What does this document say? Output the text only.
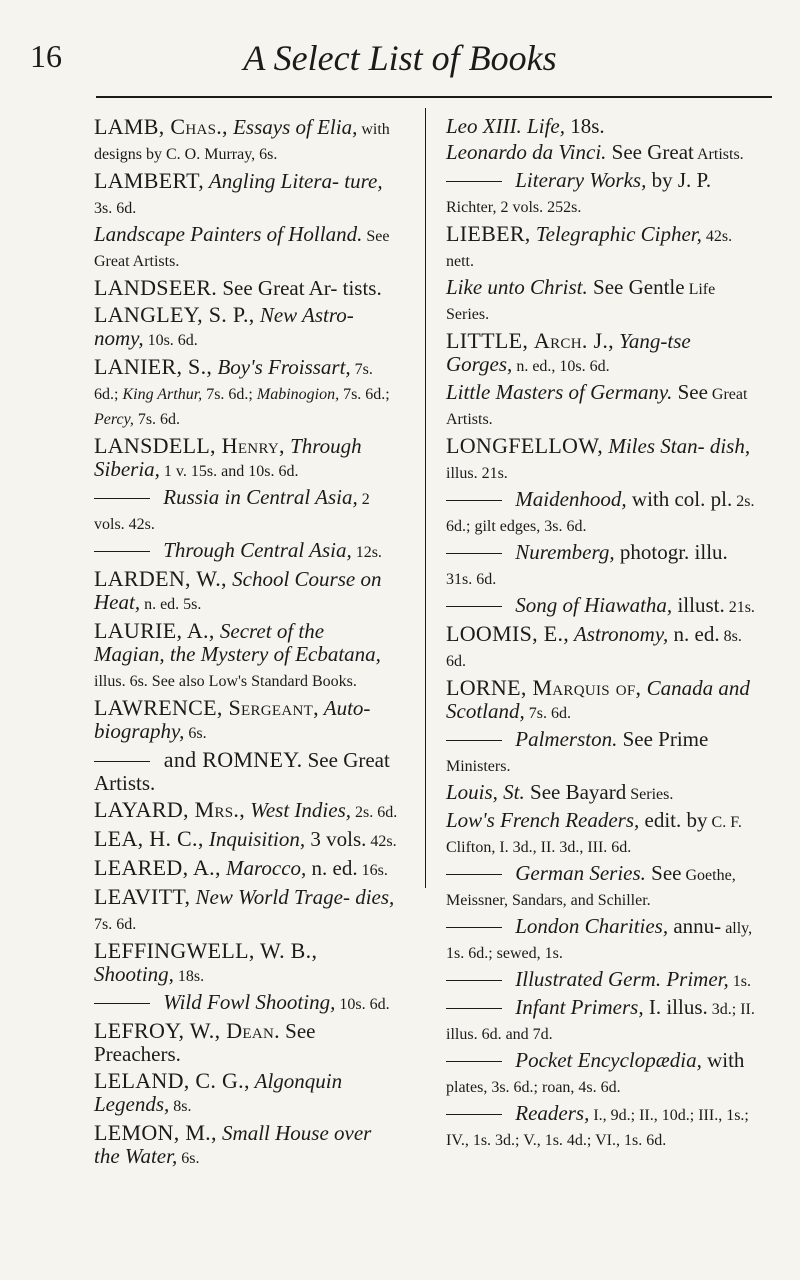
16	A Select List of Books
LAMB, Chas., Essays of Elia, with designs by C. O. Murray, 6s.
LAMBERT, Angling Litera- ture, 3s. 6d.
Landscape Painters of Holland. See Great Artists.
LANDSEER. See Great Ar- tists.
LANGLEY, S. P., New Astro- nomy, 10s. 6d.
LANIER, S., Boy's Froissart, 7s. 6d.; King Arthur, 7s. 6d.; Mabinogion, 7s. 6d.; Percy, 7s. 6d.
LANSDELL, Henry, Through Siberia, 1 v. 15s. and 10s. 6d.
Russia in Central Asia, 2 vols. 42s.
Through Central Asia, 12s.
LARDEN, W., School Course on Heat, n. ed. 5s.
LAURIE, A., Secret of the Magian, the Mystery of Ecbatana, illus. 6s. See also Low's Standard Books.
LAWRENCE, Sergeant, Auto- biography, 6s.
and ROMNEY. See Great Artists.
LAYARD, Mrs., West Indies, 2s. 6d.
LEA, H. C., Inquisition, 3 vols. 42s.
LEARED, A., Marocco, n. ed. 16s.
LEAVITT, New World Trage- dies, 7s. 6d.
LEFFINGWELL, W. B., Shooting, 18s.
Wild Fowl Shooting, 10s. 6d.
LEFROY, W., Dean. See Preachers.
LELAND, C. G., Algonquin Legends, 8s.
LEMON, M., Small House over the Water, 6s.
Leo XIII. Life, 18s.
Leonardo da Vinci. See Great Artists.
Literary Works, by J. P. Richter, 2 vols. 252s.
LIEBER, Telegraphic Cipher, 42s. nett.
Like unto Christ. See Gentle Life Series.
LITTLE, Arch. J., Yang-tse Gorges, n. ed., 10s. 6d.
Little Masters of Germany. See Great Artists.
LONGFELLOW, Miles Stan- dish, illus. 21s.
Maidenhood, with col. pl. 2s. 6d.; gilt edges, 3s. 6d.
Nuremberg, photogr. illu. 31s. 6d.
Song of Hiawatha, illust. 21s.
LOOMIS, E., Astronomy, n. ed. 8s. 6d.
LORNE, Marquis of, Canada and Scotland, 7s. 6d.
Palmerston. See Prime Ministers.
Louis, St. See Bayard Series.
Low's French Readers, edit. by C. F. Clifton, I. 3d., II. 3d., III. 6d.
German Series. See Goethe, Meissner, Sandars, and Schiller.
London Charities, annu- ally, 1s. 6d.; sewed, 1s.
Illustrated Germ. Primer, 1s.
Infant Primers, I. illus. 3d.; II. illus. 6d. and 7d.
Pocket Encyclopædia, with plates, 3s. 6d.; roan, 4s. 6d.
Readers, I., 9d.; II., 10d.; III., 1s.; IV., 1s. 3d.; V., 1s. 4d.; VI., 1s. 6d.
